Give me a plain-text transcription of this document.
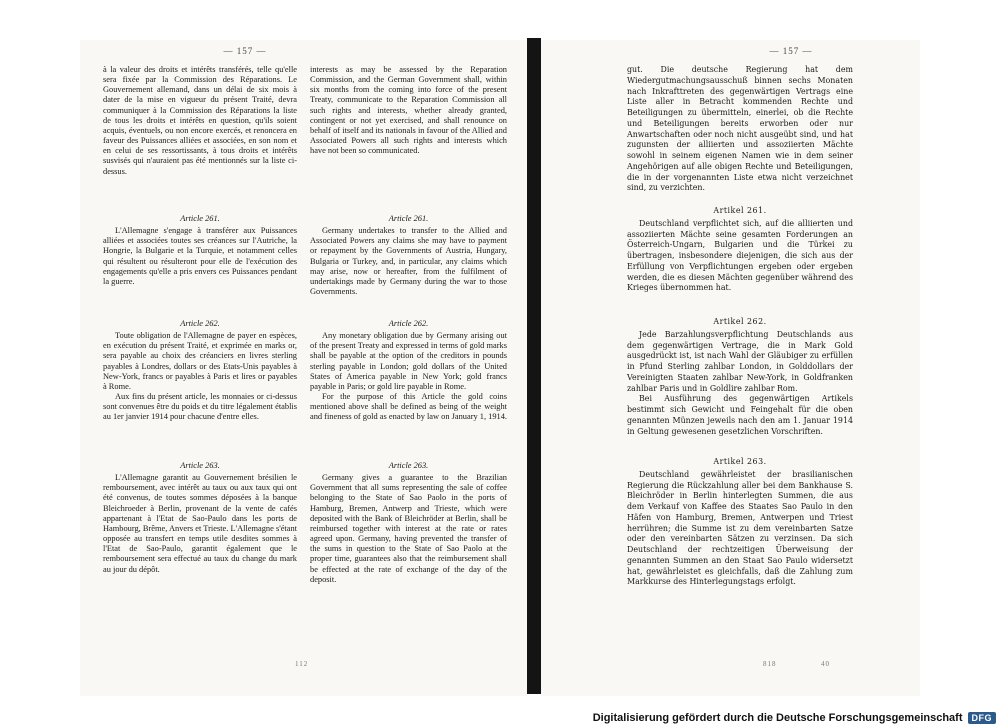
— 157 —

à la valeur des droits et intérêts transférés, telle qu'elle sera fixée par la Commission des Réparations. Le Gouvernement allemand, dans un délai de six mois à dater de la mise en vigueur du présent Traité, devra communiquer à la Commission des Réparations la liste de tous les droits et intérêts en question, qu'ils soient acquis, éventuels, ou non encore exercés, et renoncera en faveur des Puissances alliées et associées, en son nom et en celui de ses ressortissants, à tous droits et intérêts susvisés qui n'auraient pas été mentionnés sur la liste ci-dessus.

Article 261.

L'Allemagne s'engage à transférer aux Puissances alliées et associées toutes ses créances sur l'Autriche, la Hongrie, la Bulgarie et la Turquie, et notamment celles qui résultent ou résulteront pour elle de l'exécution des engagements qu'elle a pris envers ces Puissances pendant la guerre.

Article 262.

Toute obligation de l'Allemagne de payer en espèces, en exécution du présent Traité, et exprimée en marks or, sera payable au choix des créanciers en livres sterling payables à Londres, dollars or des Etats-Unis payables à New-York, francs or payables à Paris et lires or payables à Rome.

Aux fins du présent article, les monnaies or ci-dessus sont convenues être du poids et du titre légalement établis au 1er janvier 1914 pour chacune d'entre elles.

Article 263.

L'Allemagne garantit au Gouvernement brésilien le remboursement, avec intérêt au taux ou aux taux qui ont été convenus, de toutes sommes déposées à la banque Bleichroeder à Berlin, provenant de la vente de cafés appartenant à l'Etat de Sao-Paulo dans les ports de Hambourg, Brême, Anvers et Trieste. L'Allemagne s'étant opposée au transfert en temps utile desdites sommes à l'Etat de Sao-Paulo, garantit également que le remboursement sera effectué au taux du change du mark au jour du dépôt.

interests as may be assessed by the Reparation Commission, and the German Government shall, within six months from the coming into force of the present Treaty, communicate to the Reparation Commission all such rights and interests, whether already granted, contingent or not yet exercised, and shall renounce on behalf of itself and its nationals in favour of the Allied and Associated Powers all such rights and interests which have not been so communicated.

Article 261.

Germany undertakes to transfer to the Allied and Associated Powers any claims she may have to payment or repayment by the Governments of Austria, Hungary, Bulgaria or Turkey, and, in particular, any claims which may arise, now or hereafter, from the fulfilment of undertakings made by Germany during the war to those Governments.

Article 262.

Any monetary obligation due by Germany arising out of the present Treaty and expressed in terms of gold marks shall be payable at the option of the creditors in pounds sterling payable in London; gold dollars of the United States of America payable in New York; gold francs payable in Paris; or gold lire payable in Rome.

For the purpose of this Article the gold coins mentioned above shall be defined as being of the weight and fineness of gold as enacted by law on January 1, 1914.

Article 263.

Germany gives a guarantee to the Brazilian Government that all sums representing the sale of coffee belonging to the State of Sao Paolo in the ports of Hamburg, Bremen, Antwerp and Trieste, which were deposited with the Bank of Bleichröder at Berlin, shall be reimbursed together with interest at the rate or rates agreed upon. Germany, having prevented the transfer of the sums in question to the State of Sao Paolo at the proper time, guarantees also that the reimbursement shall be effected at the rate of exchange of the day of the deposit.

112
— 157 —

gut. Die deutsche Regierung hat dem Wiedergutmachungsausschuß binnen sechs Monaten nach Inkrafttreten des gegenwärtigen Vertrags eine Liste aller in Betracht kommenden Rechte und Beteiligungen zu übermitteln, einerlei, ob die Rechte und Beteiligungen bereits erworben oder nur Anwartschaften oder noch nicht ausgeübt sind, und hat zugunsten der alliierten und assoziierten Mächte sowohl in seinem eigenen Namen wie in dem seiner Angehörigen auf alle obigen Rechte und Beteiligungen, die in der vorgenannten Liste etwa nicht verzeichnet sind, zu verzichten.

Artikel 261.

Deutschland verpflichtet sich, auf die alliierten und assoziierten Mächte seine gesamten Forderungen an Österreich-Ungarn, Bulgarien und die Türkei zu übertragen, insbesondere diejenigen, die sich aus der Erfüllung von Verpflichtungen ergeben oder ergeben werden, die es diesen Mächten gegenüber während des Krieges übernommen hat.

Artikel 262.

Jede Barzahlungsverpflichtung Deutschlands aus dem gegenwärtigen Vertrage, die in Mark Gold ausgedrückt ist, ist nach Wahl der Gläubiger zu erfüllen in Pfund Sterling zahlbar London, in Golddollars der Vereinigten Staaten zahlbar New-York, in Goldfranken zahlbar Paris und in Goldlire zahlbar Rom.

Bei Ausführung des gegenwärtigen Artikels bestimmt sich Gewicht und Feingehalt für die oben genannten Münzen jeweils nach den am 1. Januar 1914 in Geltung gewesenen gesetzlichen Vorschriften.

Artikel 263.

Deutschland gewährleistet der brasilianischen Regierung die Rückzahlung aller bei dem Bankhause S. Bleichröder in Berlin hinterlegten Summen, die aus dem Verkauf von Kaffee des Staates Sao Paulo in den Häfen von Hamburg, Bremen, Antwerpen und Triest herrühren; die Summe ist zu dem vereinbarten Satze oder den vereinbarten Sätzen zu verzinsen. Da sich Deutschland der rechtzeitigen Überweisung der genannten Summen an den Staat Sao Paulo widersetzt hat, gewährleistet es gleichfalls, daß die Zahlung zum Markkurse des Hinterlegungstags erfolgt.

818	40
Digitalisierung gefördert durch die Deutsche Forschungsgemeinschaft	DFG
